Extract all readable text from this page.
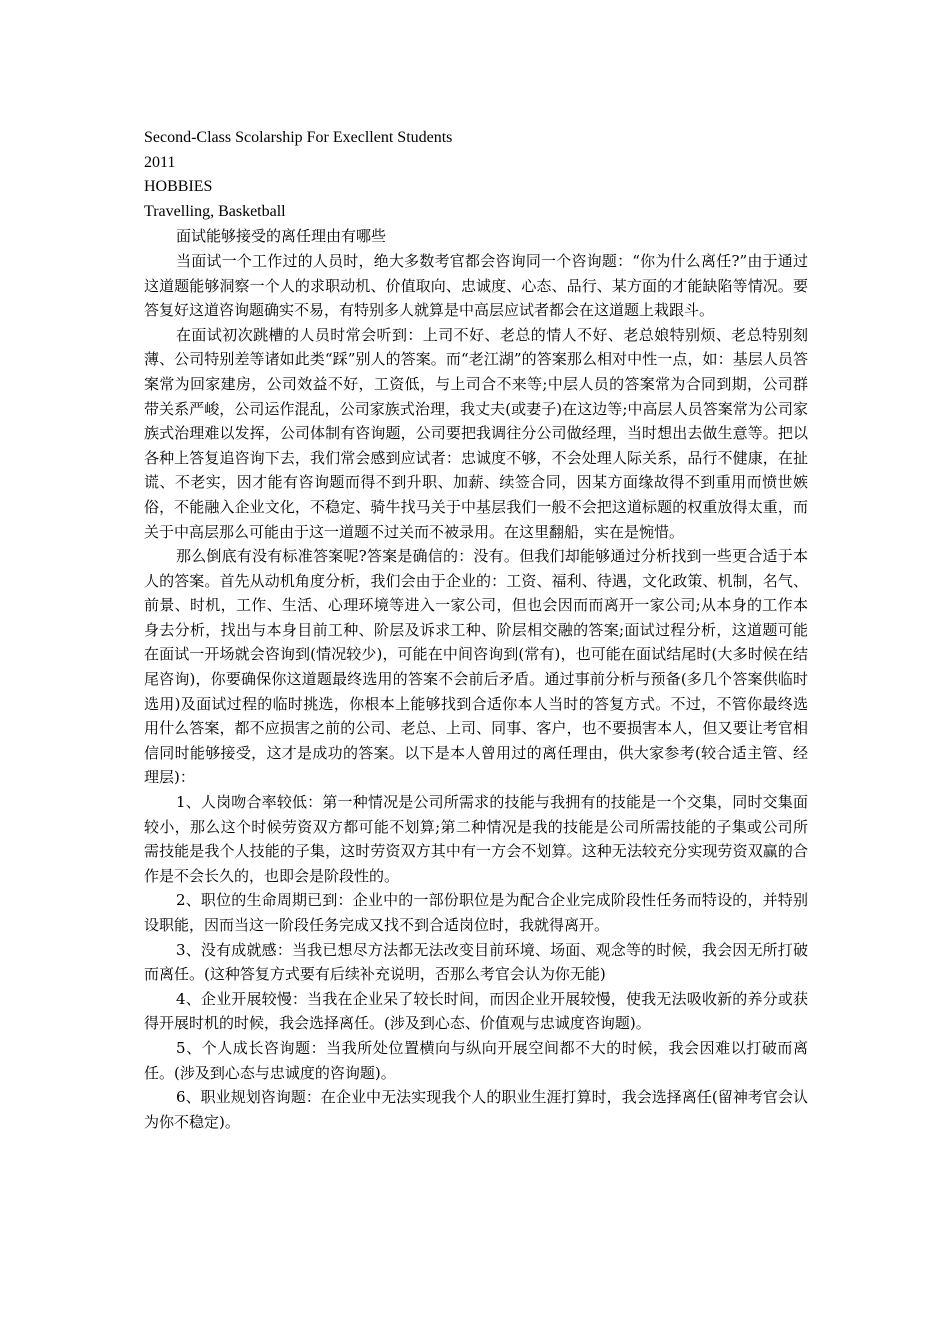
Second-Class Scolarship For Execllent Students

2011

HOBBIES

Travelling, Basketball

面试能够接受的离任理由有哪些

当面试一个工作过的人员时，绝大多数考官都会咨询同一个咨询题：“你为什么离任?”由于通过这道题能够洞察一个人的求职动机、价值取向、忠诚度、心态、品行、某方面的才能缺陷等情况。要答复好这道咨询题确实不易，有特别多人就算是中高层应试者都会在这道题上栽跟斗。

在面试初次跳槽的人员时常会听到：上司不好、老总的情人不好、老总娘特别烦、老总特别刻薄、公司特别差等诸如此类“踩”别人的答案。而“老江湖”的答案那么相对中性一点，如：基层人员答案常为回家建房，公司效益不好，工资低，与上司合不来等;中层人员的答案常为合同到期，公司群带关系严峻，公司运作混乱，公司家族式治理，我丈夫(或妻子)在这边等;中高层人员答案常为公司家族式治理难以发挥，公司体制有咨询题，公司要把我调往分公司做经理，当时想出去做生意等。把以各种上答复追咨询下去，我们常会感到应试者：忠诚度不够，不会处理人际关系，品行不健康，在扯谎、不老实，因才能有咨询题而得不到升职、加薪、续签合同，因某方面缘故得不到重用而愤世嫉俗，不能融入企业文化，不稳定、骑牛找马关于中基层我们一般不会把这道标题的权重放得太重，而关于中高层那么可能由于这一道题不过关而不被录用。在这里翻船，实在是惋惜。

那么倒底有没有标准答案呢?答案是确信的：没有。但我们却能够通过分析找到一些更合适于本人的答案。首先从动机角度分析，我们会由于企业的：工资、福利、待遇，文化政策、机制，名气、前景、时机，工作、生活、心理环境等进入一家公司，但也会因而而离开一家公司;从本身的工作本身去分析，找出与本身目前工种、阶层及诉求工种、阶层相交融的答案;面试过程分析，这道题可能在面试一开场就会咨询到(情况较少)，可能在中间咨询到(常有)，也可能在面试结尾时(大多时候在结尾咨询)，你要确保你这道题最终选用的答案不会前后矛盾。通过事前分析与预备(多几个答案供临时选用)及面试过程的临时挑选，你根本上能够找到合适你本人当时的答复方式。不过，不管你最终选用什么答案，都不应损害之前的公司、老总、上司、同事、客户，也不要损害本人，但又要让考官相信同时能够接受，这才是成功的答案。以下是本人曾用过的离任理由，供大家参考(较合适主管、经理层)：

1、人岗吻合率较低：第一种情况是公司所需求的技能与我拥有的技能是一个交集，同时交集面较小，那么这个时候劳资双方都可能不划算;第二种情况是我的技能是公司所需技能的子集或公司所需技能是我个人技能的子集，这时劳资双方其中有一方会不划算。这种无法较充分实现劳资双赢的合作是不会长久的，也即会是阶段性的。

2、职位的生命周期已到：企业中的一部份职位是为配合企业完成阶段性任务而特设的，并特别设职能，因而当这一阶段任务完成又找不到合适岗位时，我就得离开。

3、没有成就感：当我已想尽方法都无法改变目前环境、场面、观念等的时候，我会因无所打破而离任。(这种答复方式要有后续补充说明，否那么考官会认为你无能)

4、企业开展较慢：当我在企业呆了较长时间，而因企业开展较慢，使我无法吸收新的养分或获得开展时机的时候，我会选择离任。(涉及到心态、价值观与忠诚度咨询题)。

5、个人成长咨询题：当我所处位置横向与纵向开展空间都不大的时候，我会因难以打破而离任。(涉及到心态与忠诚度的咨询题)。

6、职业规划咨询题：在企业中无法实现我个人的职业生涯打算时，我会选择离任(留神考官会认为你不稳定)。
